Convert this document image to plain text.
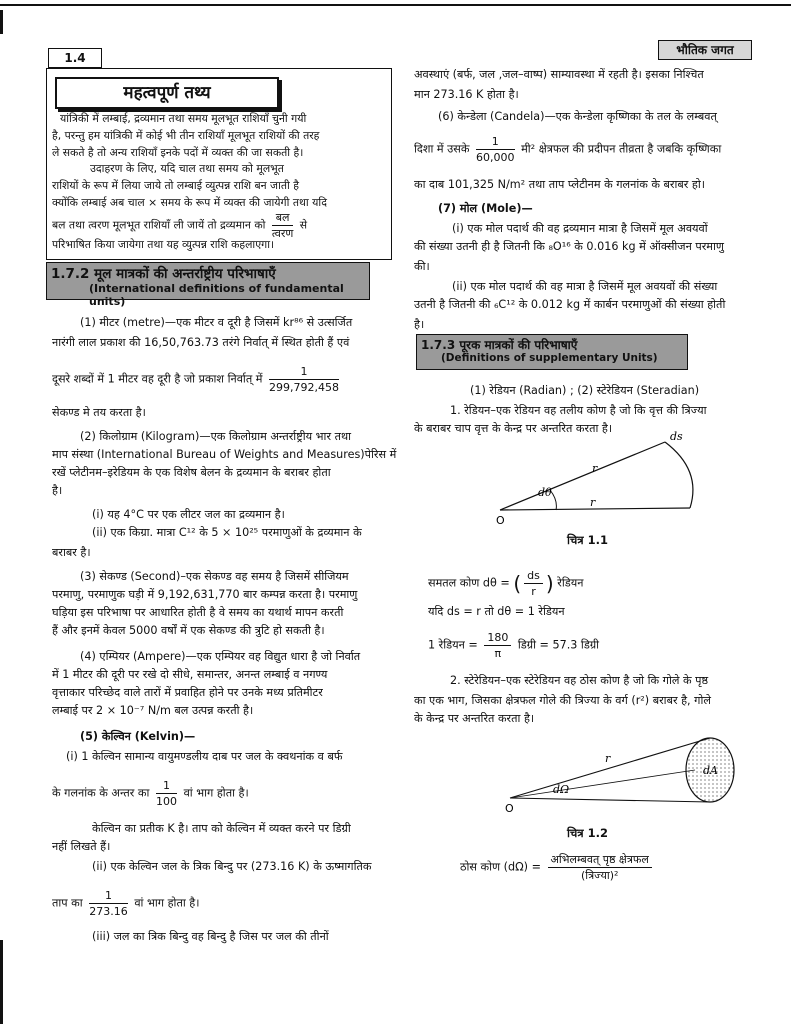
1.4
भौतिक जगत
महत्वपूर्ण तथ्य

यांत्रिकी में लम्बाई, द्रव्यमान तथा समय मूलभूत राशियाँ चुनी गयी

है, परन्तु हम यांत्रिकी में कोई भी तीन राशियाँ मूलभूत राशियों की तरह

ले सकते है तो अन्य राशियाँ इनके पदों में व्यक्त की जा सकती है।

उदाहरण के लिए, यदि चाल तथा समय को मूलभूत

राशियों के रूप में लिया जाये तो लम्बाई व्युत्पन्न राशि बन जाती है

क्योंकि लम्बाई अब चाल × समय के रूप में व्यक्त की जायेगी तथा यदि

बल तथा त्वरण मूलभूत राशियाँ ली जायें तो द्रव्यमान को $\frac{\text{बल}}{\text{त्वरण}}$ से

परिभाषित किया जायेगा तथा यह व्युत्पन्न राशि कहलाएगा।

1.7.2 मूल मात्रकों की अन्तर्राष्ट्रीय परिभाषाएँ
(International definitions of fundamental units)

(1) मीटर (metre)—एक मीटर व दूरी है जिसमें kr⁸⁶ से उत्सर्जित

नारंगी लाल प्रकाश की 16,50,763.73 तरंगे निर्वात् में स्थित होती हैं एवं

दूसरे शब्दों में 1 मीटर वह दूरी है जो प्रकाश निर्वात् में $\frac{1}{299,792,458}$

सेकण्ड मे तय करता है।

(2) किलोग्राम (Kilogram)—एक किलोग्राम अन्तर्राष्ट्रीय भार तथा

माप संस्था (International Bureau of Weights and Measures)पेरिस में

रखें प्लेटीनम–इरेडियम के एक विशेष बेलन के द्रव्यमान के बराबर होता

है।

(i) यह 4°C पर एक लीटर जल का द्रव्यमान है।

(ii) एक किग्रा. मात्रा C¹² के 5 × 10²⁵ परमाणुओं के द्रव्यमान के

बराबर है।

(3) सेकण्ड (Second)–एक सेकण्ड वह समय है जिसमें सीजियम

परमाणु, परमाणुक घड़ी में 9,192,631,770 बार कम्पन्न करता है। परमाणु

घड़िया इस परिभाषा पर आधारित होती है वे समय का यथार्थ मापन करती

हैं और इनमें केवल 5000 वर्षों में एक सेकण्ड की त्रुटि हो सकती है।

(4) एम्पियर (Ampere)—एक एम्पियर वह विद्युत धारा है जो निर्वात

में 1 मीटर की दूरी पर रखे दो सीधे, समान्तर, अनन्त लम्बाई व नगण्य

वृत्ताकार परिच्छेद वाले तारों में प्रवाहित होने पर उनके मध्य प्रतिमीटर

लम्बाई पर 2 × 10⁻⁷ N/m बल उत्पन्न करती है।

(5) केल्विन (Kelvin)—

(i) 1 केल्विन सामान्य वायुमण्डलीय दाब पर जल के क्वथनांक व बर्फ

के गलनांक के अन्तर का $\frac{1}{100}$ वां भाग होता है।

केल्विन का प्रतीक K है। ताप को केल्विन में व्यक्त करने पर डिग्री

नहीं लिखते हैं।

(ii) एक केल्विन जल के त्रिक बिन्दु पर (273.16 K) के ऊष्मागतिक

ताप का $\frac{1}{273.16}$ वां भाग होता है।

(iii) जल का त्रिक बिन्दु वह बिन्दु है जिस पर जल की तीनों

अवस्थाएं (बर्फ, जल ,जल–वाष्प) साम्यावस्था में रहती है। इसका निश्चित

मान 273.16 K होता है।

(6) केन्डेला (Candela)—एक केन्डेला कृष्णिका के तल के लम्बवत्

दिशा में उसके $\frac{1}{60,000}$ मी² क्षेत्रफल की प्रदीपन तीव्रता है जबकि कृष्णिका

का दाब 101,325 N/m² तथा ताप प्लेटीनम के गलनांक के बराबर हो।

(7) मोल (Mole)—

(i) एक मोल पदार्थ की वह द्रव्यमान मात्रा है जिसमें मूल अवयवों

की संख्या उतनी ही है जितनी कि ₈O¹⁶ के 0.016 kg में ऑक्सीजन परमाणु

की।

(ii) एक मोल पदार्थ की वह मात्रा है जिसमें मूल अवयवों की संख्या

उतनी है जितनी की ₆C¹² के 0.012 kg में कार्बन परमाणुओं की संख्या होती

है।

1.7.3 पूरक मात्रकों की परिभाषाएँ
(Definitions of supplementary Units)

(1) रेडियन (Radian) ; (2) स्टेरेडियन (Steradian)

1. रेडियन–एक रेडियन वह तलीय कोण है जो कि वृत्त की त्रिज्या

के बराबर चाप वृत्त के केन्द्र पर अन्तरित करता है।

ds
r
dθ
r
O
चित्र 1.1
समतल कोण dθ = ( $\frac{ds}{r}$ ) रेडियन
यदि ds = r तो dθ = 1 रेडियन
1 रेडियन = $\frac{180}{\pi}$ डिग्री = 57.3 डिग्री

2. स्टेरेडियन–एक स्टेरेडियन वह ठोस कोण है जो कि गोले के पृष्ठ

का एक भाग, जिसका क्षेत्रफल गोले की त्रिज्या के वर्ग (r²) बराबर है, गोले

के केन्द्र पर अन्तरित करता है।

r
dΩ
dA
O
चित्र 1.2
ठोस कोण $(d\Omega) = \frac{\text{अभिलम्बवत् पृष्ठ क्षेत्रफल}}{\text{(त्रिज्या)²}}$
